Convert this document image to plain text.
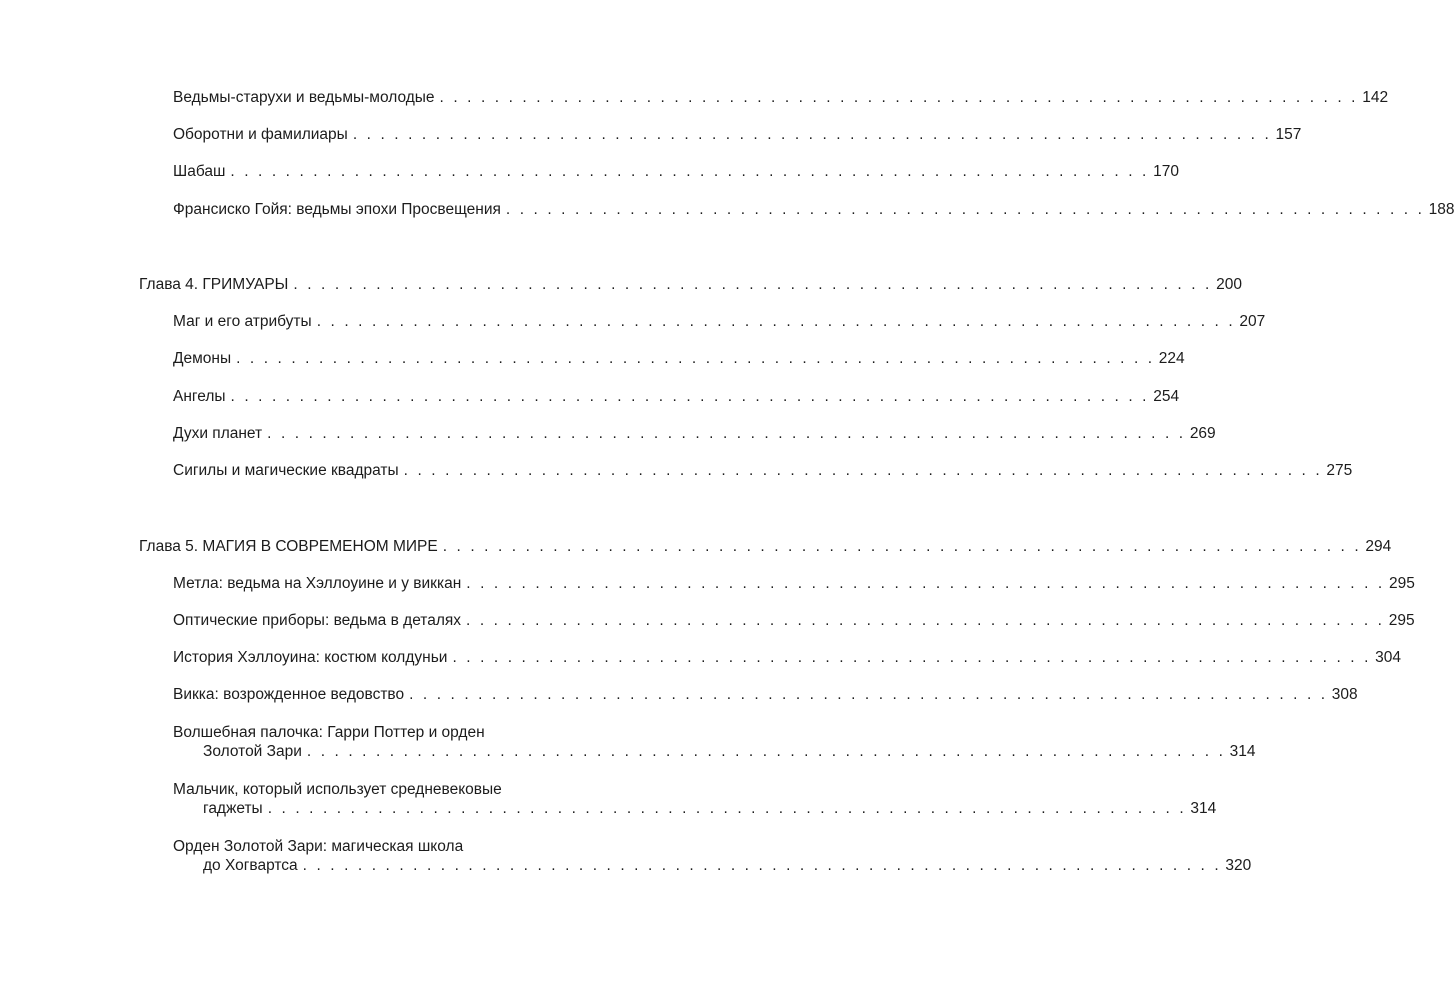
Ведьмы-старухи и ведьмы-молодые . . . . . . . . . . . . . . . . . . . . . . . . . . . . . . . . . . . . . . . . . . . . . . . . . . . . . . . . . . . . . . . . . . . 142
Оборотни и фамилиары . . . . . . . . . . . . . . . . . . . . . . . . . . . . . . . . . . . . . . . . . . . . . . . . . . . . . . . . . . . . . . . . . . . 157
Шабаш . . . . . . . . . . . . . . . . . . . . . . . . . . . . . . . . . . . . . . . . . . . . . . . . . . . . . . . . . . . . . . . . . . . 170
Франсиско Гойя: ведьмы эпохи Просвещения . . . . . . . . . . . . . . . . . . . . . . . . . . . . . . . . . . . . . . . . . . . . . . . . . . . . . . . . . . . . . . . . . . . 188
Глава 4. ГРИМУАРЫ . . . . . . . . . . . . . . . . . . . . . . . . . . . . . . . . . . . . . . . . . . . . . . . . . . . . . . . . . . . . . . . . . . . 200
Маг и его атрибуты . . . . . . . . . . . . . . . . . . . . . . . . . . . . . . . . . . . . . . . . . . . . . . . . . . . . . . . . . . . . . . . . . . . 207
Демоны . . . . . . . . . . . . . . . . . . . . . . . . . . . . . . . . . . . . . . . . . . . . . . . . . . . . . . . . . . . . . . . . . . . 224
Ангелы . . . . . . . . . . . . . . . . . . . . . . . . . . . . . . . . . . . . . . . . . . . . . . . . . . . . . . . . . . . . . . . . . . . 254
Духи планет . . . . . . . . . . . . . . . . . . . . . . . . . . . . . . . . . . . . . . . . . . . . . . . . . . . . . . . . . . . . . . . . . . . 269
Сигилы и магические квадраты . . . . . . . . . . . . . . . . . . . . . . . . . . . . . . . . . . . . . . . . . . . . . . . . . . . . . . . . . . . . . . . . . . . 275
Глава 5. МАГИЯ В СОВРЕМЕНОМ МИРЕ . . . . . . . . . . . . . . . . . . . . . . . . . . . . . . . . . . . . . . . . . . . . . . . . . . . . . . . . . . . . . . . . . . . 294
Метла: ведьма на Хэллоуине и у виккан . . . . . . . . . . . . . . . . . . . . . . . . . . . . . . . . . . . . . . . . . . . . . . . . . . . . . . . . . . . . . . . . . . . 295
Оптические приборы: ведьма в деталях . . . . . . . . . . . . . . . . . . . . . . . . . . . . . . . . . . . . . . . . . . . . . . . . . . . . . . . . . . . . . . . . . . . 295
История Хэллоуина: костюм колдуньи . . . . . . . . . . . . . . . . . . . . . . . . . . . . . . . . . . . . . . . . . . . . . . . . . . . . . . . . . . . . . . . . . . . 304
Викка: возрожденное ведовство . . . . . . . . . . . . . . . . . . . . . . . . . . . . . . . . . . . . . . . . . . . . . . . . . . . . . . . . . . . . . . . . . . . 308
Волшебная палочка: Гарри Поттер и орден
Золотой Зари . . . . . . . . . . . . . . . . . . . . . . . . . . . . . . . . . . . . . . . . . . . . . . . . . . . . . . . . . . . . . . . . . . . 314
Мальчик, который использует средневековые
гаджеты . . . . . . . . . . . . . . . . . . . . . . . . . . . . . . . . . . . . . . . . . . . . . . . . . . . . . . . . . . . . . . . . . . . 314
Орден Золотой Зари: магическая школа
до Хогвартса . . . . . . . . . . . . . . . . . . . . . . . . . . . . . . . . . . . . . . . . . . . . . . . . . . . . . . . . . . . . . . . . . . . 320
